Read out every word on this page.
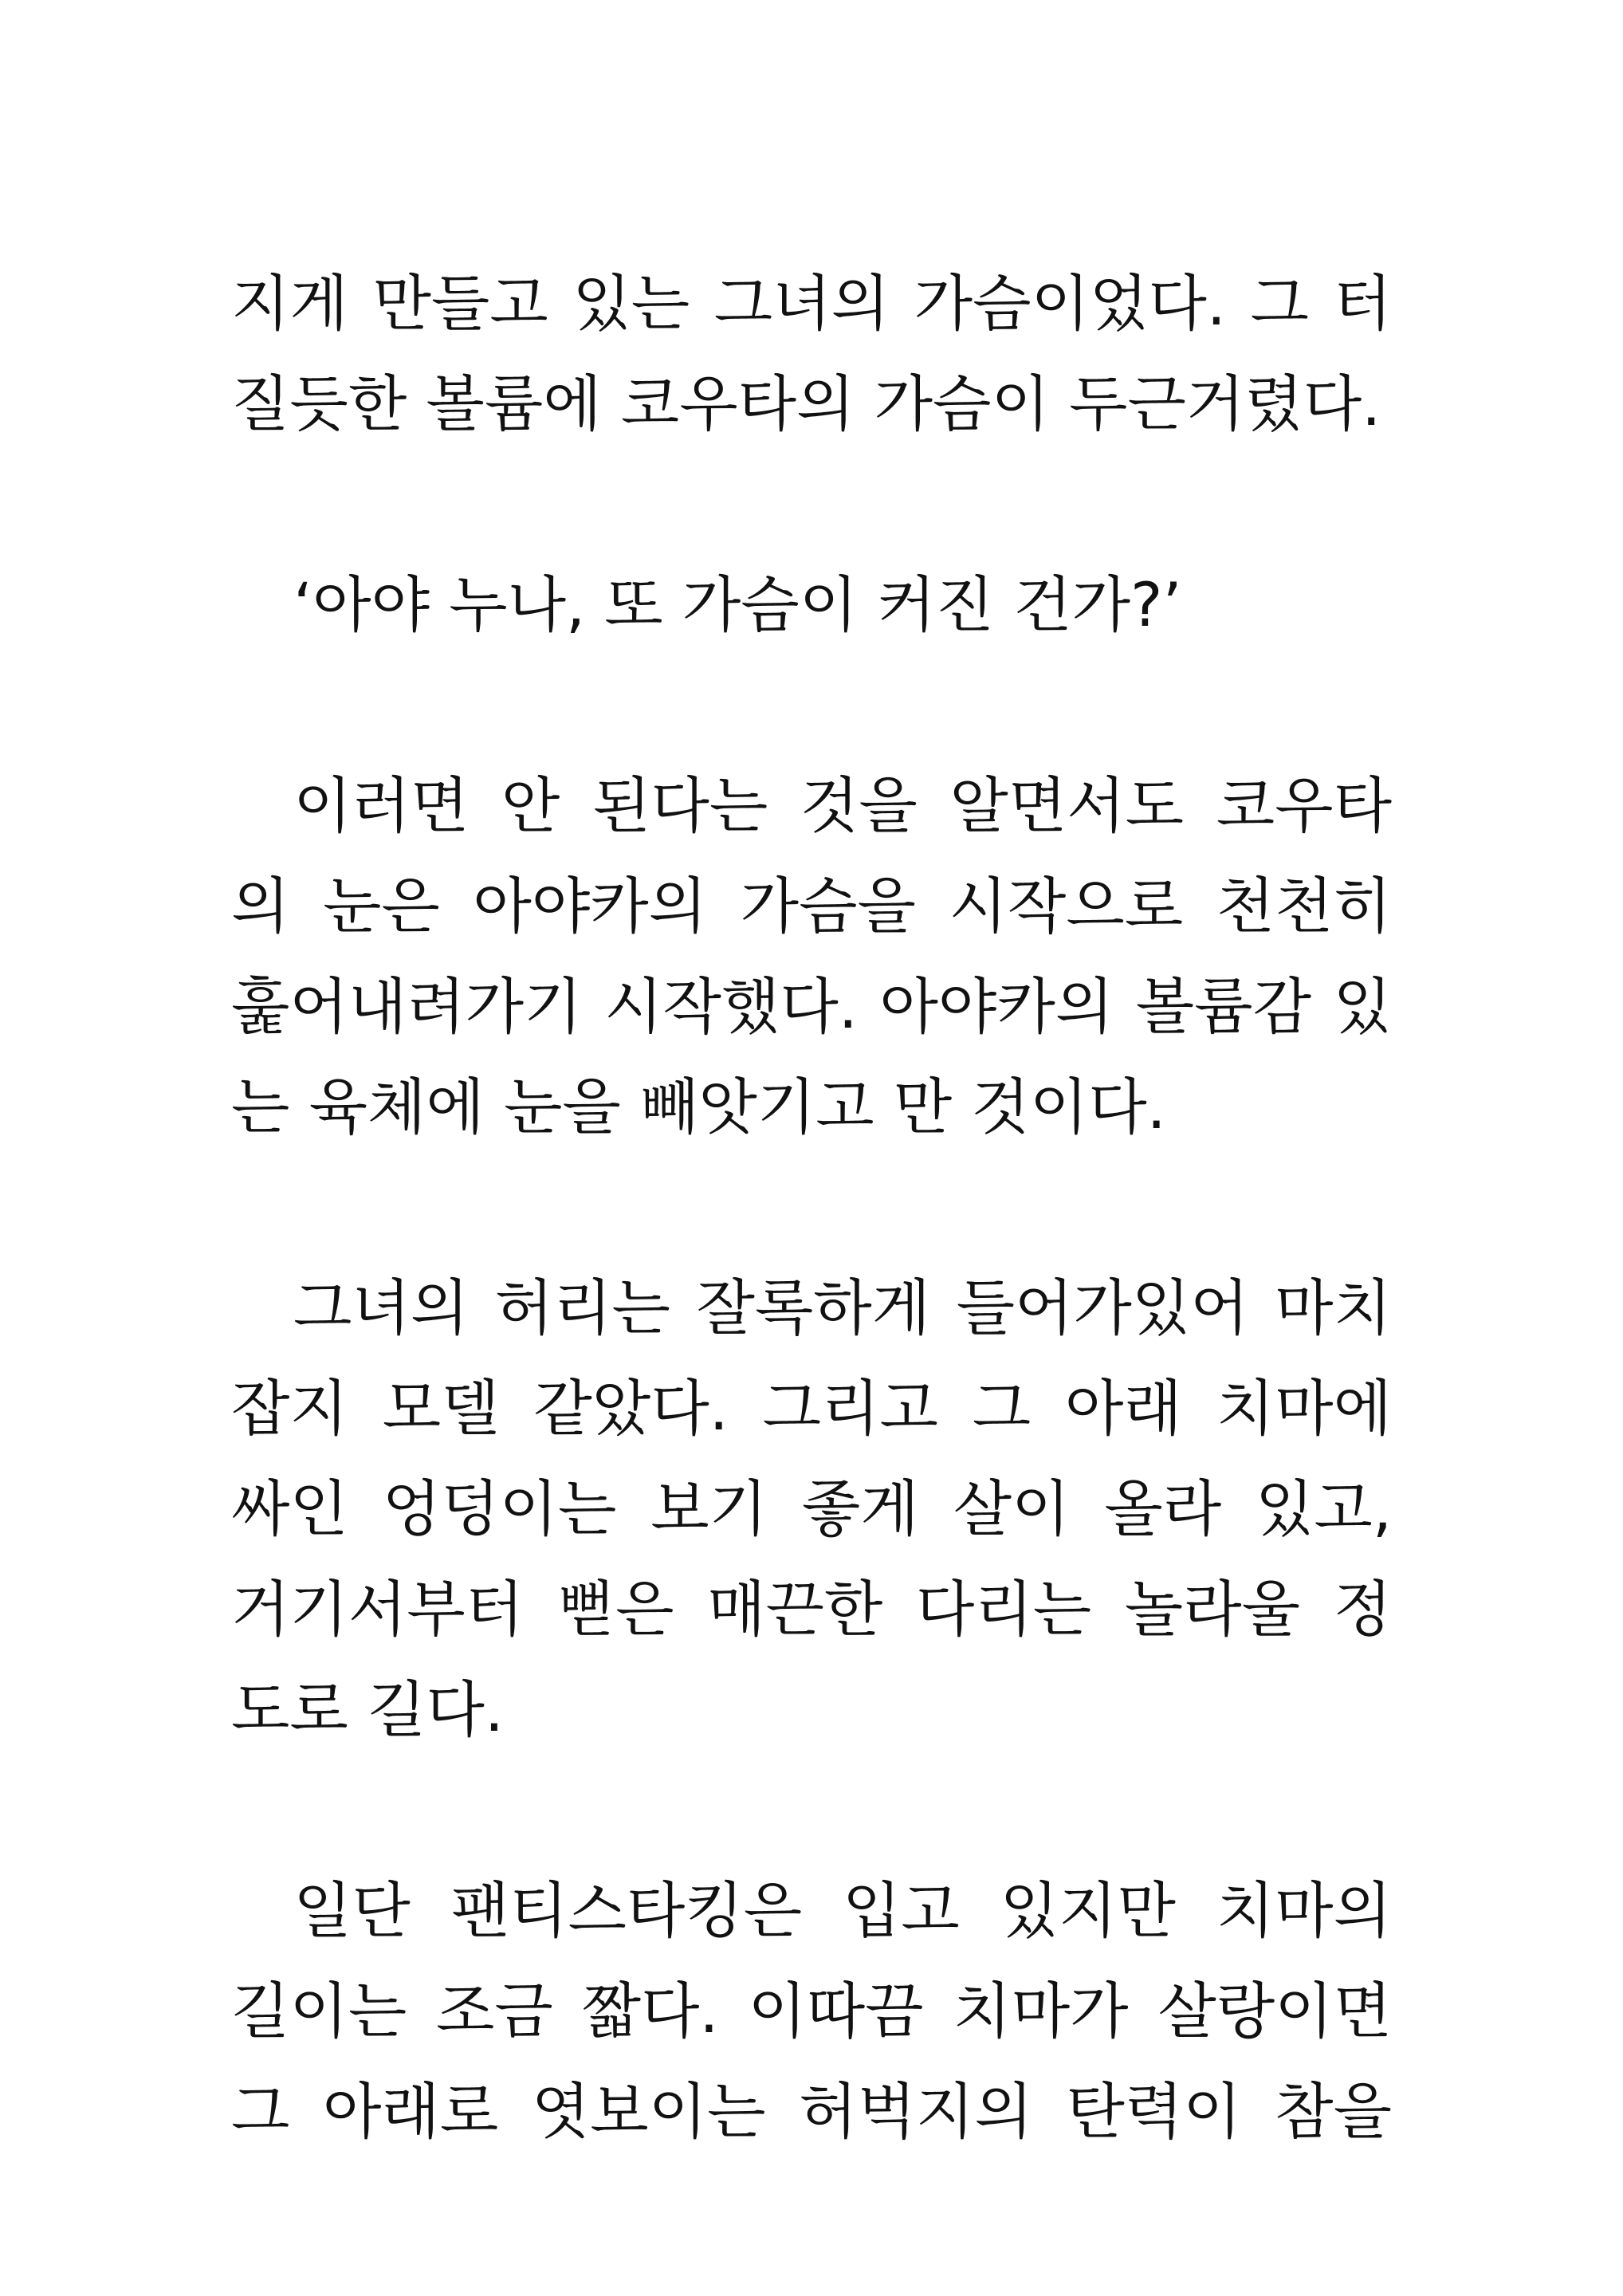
지게 만들고 있는 그녀의 가슴이었다. 그 터
질듯한 볼륨에 코우타의 가슴이 두근거렸다.
‘아야 누나, 또 가슴이 커진 건가?’
이러면 안 된다는 것을 알면서도 코우타
의 눈은 아야카의 가슴을 시작으로 천천히
훑어내려가기 시작했다. 아야카의 볼륨감 있
는 육체에 눈을 빼앗기고 만 것이다.
그녀의 허리는 잘록하게 들어가있어 마치
잡지 모델 같았다. 그리고 그 아래 치마에
싸인 엉덩이는 보기 좋게 살이 올라 있고,
거기서부터 뻗은 매끈한 다리는 놀라울 정
도로 길다.
일단 팬티스타킹은 입고 있지만 치마의
길이는 조금 짧다. 이따끔 치마가 살랑이면
그 아래로 엿보이는 허벅지의 탄력이 참을
